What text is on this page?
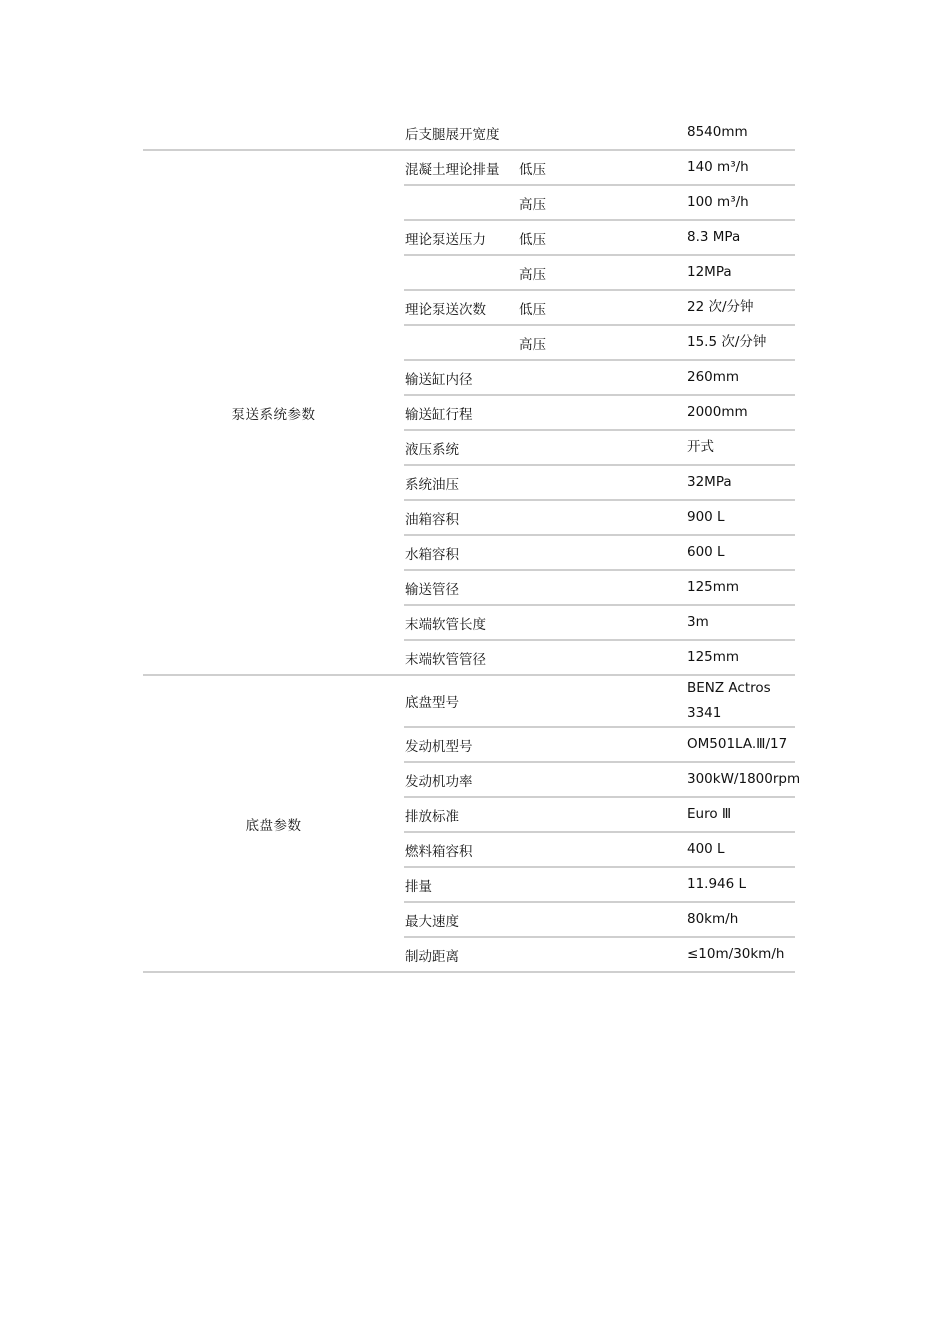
	后支腿展开宽度		8540mm
泵送系统参数	混凝土理论排量	低压	140 m³/h
		高压	100 m³/h
	理论泵送压力	低压	8.3 MPa
		高压	12MPa
	理论泵送次数	低压	22 次/分钟
		高压	15.5 次/分钟
	输送缸内径		260mm
	输送缸行程		2000mm
	液压系统		开式
	系统油压		32MPa
	油箱容积		900 L
	水箱容积		600 L
	输送管径		125mm
	末端软管长度		3m
	末端软管管径		125mm
底盘参数	底盘型号		BENZ Actros 3341
	发动机型号		OM501LA.Ⅲ/17
	发动机功率		300kW/1800rpm
	排放标准		Euro Ⅲ
	燃料箱容积		400 L
	排量		11.946 L
	最大速度		80km/h
	制动距离		≤10m/30km/h
